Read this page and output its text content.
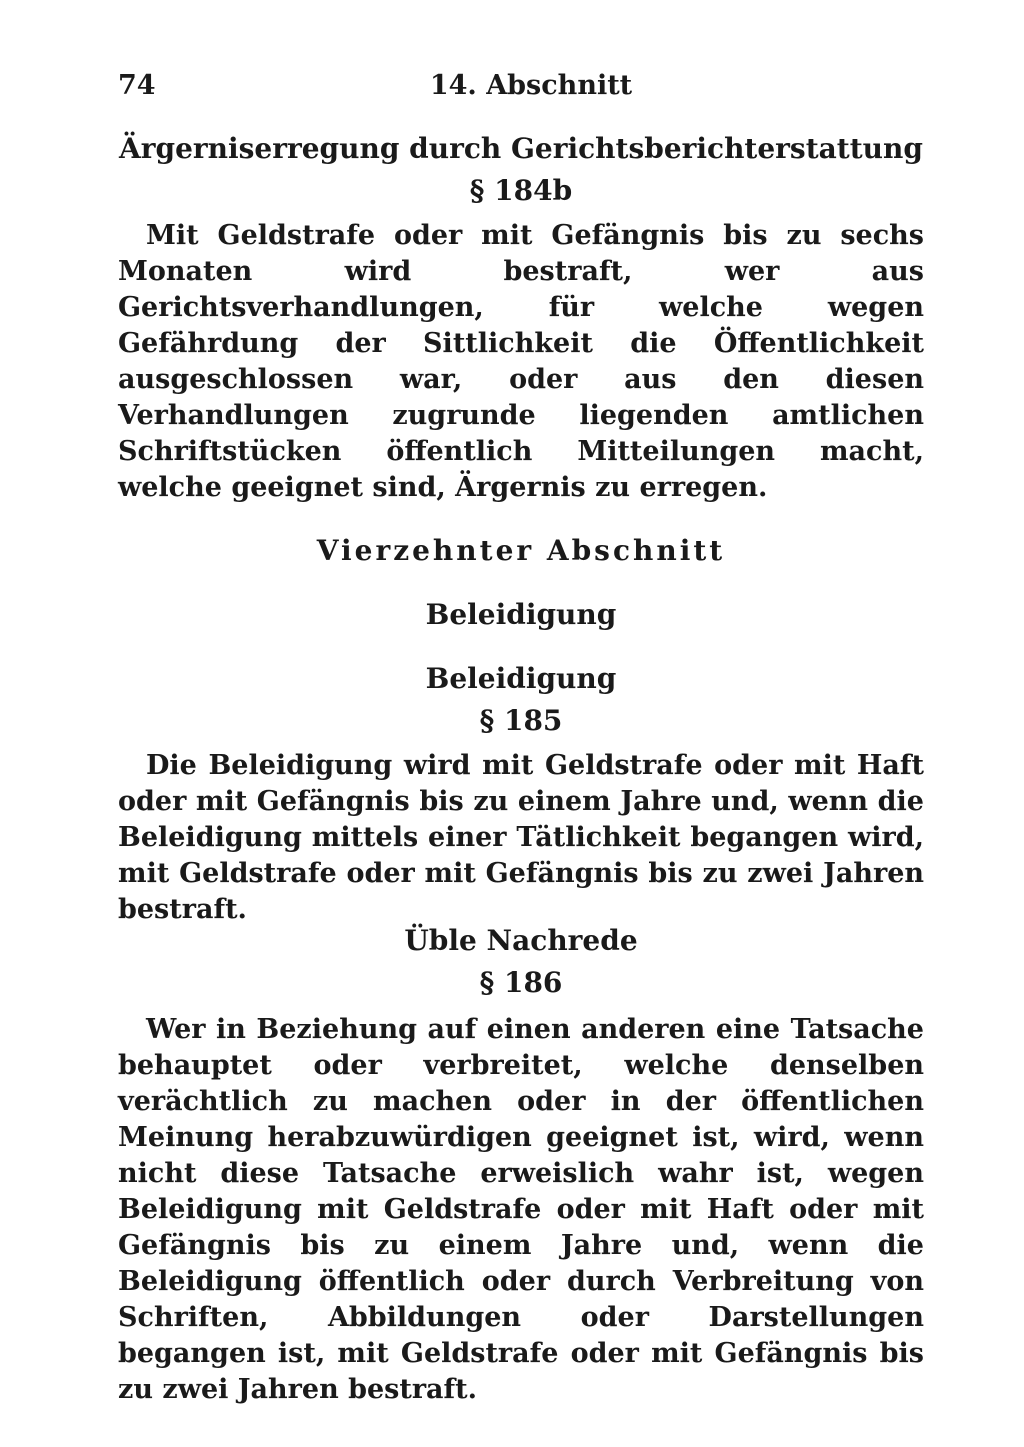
74	14. Abschnitt
Ärgerniserregung durch Gerichtsberichterstattung
§ 184b

Mit Geldstrafe oder mit Gefängnis bis zu sechs Monaten wird bestraft, wer aus Gerichtsverhandlungen, für welche wegen Gefährdung der Sittlichkeit die Öffentlichkeit ausgeschlossen war, oder aus den diesen Verhandlungen zugrunde liegenden amtlichen Schriftstücken öffentlich Mitteilungen macht, welche geeignet sind, Ärgernis zu erregen.

Vierzehnter Abschnitt
Beleidigung
Beleidigung
§ 185

Die Beleidigung wird mit Geldstrafe oder mit Haft oder mit Gefängnis bis zu einem Jahre und, wenn die Beleidigung mittels einer Tätlichkeit begangen wird, mit Geldstrafe oder mit Gefängnis bis zu zwei Jahren bestraft.

Üble Nachrede
§ 186

Wer in Beziehung auf einen anderen eine Tatsache behauptet oder verbreitet, welche denselben verächtlich zu machen oder in der öffentlichen Meinung herabzuwürdigen geeignet ist, wird, wenn nicht diese Tatsache erweislich wahr ist, wegen Beleidigung mit Geldstrafe oder mit Haft oder mit Gefängnis bis zu einem Jahre und, wenn die Beleidigung öffentlich oder durch Verbreitung von Schriften, Abbildungen oder Darstellungen begangen ist, mit Geldstrafe oder mit Gefängnis bis zu zwei Jahren bestraft.
